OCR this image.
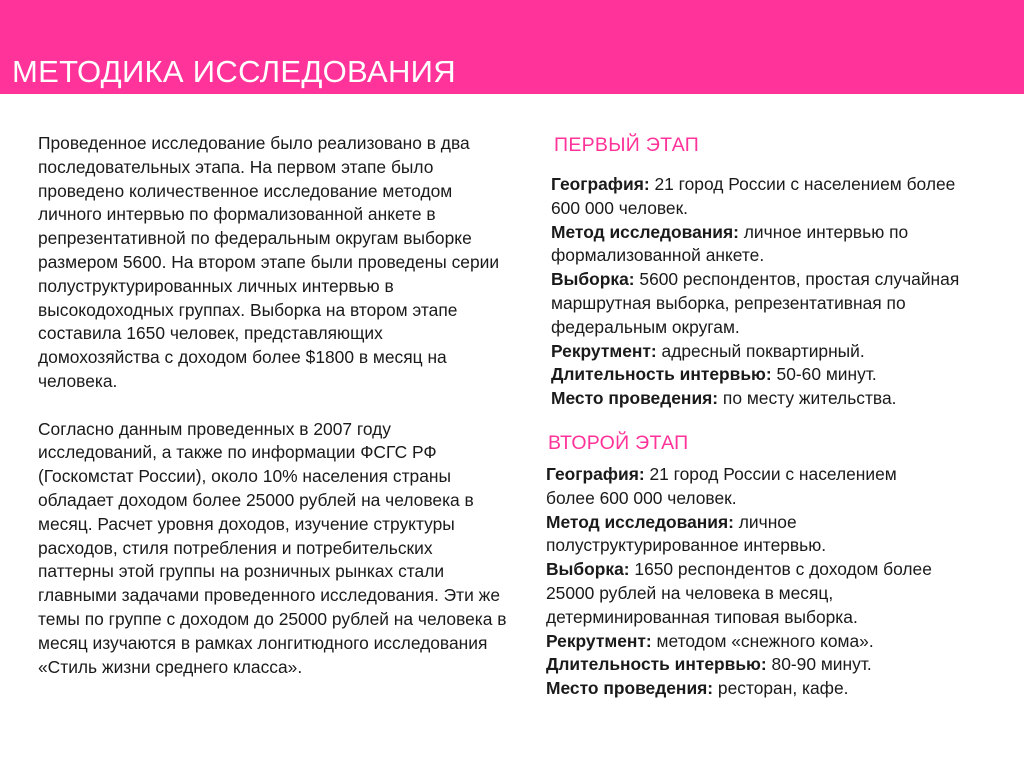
МЕТОДИКА ИССЛЕДОВАНИЯ

Проведенное исследование было реализовано в два последовательных этапа. На первом этапе было проведено количественное исследование методом личного интервью по формализованной анкете в репрезентативной по федеральным округам выборке размером 5600. На втором этапе были проведены серии полуструктурированных личных интервью в высокодоходных группах. Выборка на втором этапе составила 1650 человек, представляющих домохозяйства с доходом более $1800 в месяц на человека.

Согласно данным проведенных в 2007 году исследований, а также по информации ФСГС РФ (Госкомстат России), около 10% населения страны обладает доходом более 25000 рублей на человека в месяц. Расчет уровня доходов, изучение структуры расходов, стиля потребления и потребительских паттерны этой группы на розничных рынках стали главными задачами проведенного исследования. Эти же темы по группе с доходом до 25000 рублей на человека в месяц изучаются в рамках лонгитюдного исследования «Стиль жизни среднего класса».

ПЕРВЫЙ ЭТАП
География: 21 город России с населением более 600 000 человек.
Метод исследования: личное интервью по формализованной анкете.
Выборка: 5600 респондентов, простая случайная маршрутная выборка, репрезентативная по федеральным округам.
Рекрутмент: адресный поквартирный.
Длительность интервью: 50-60 минут.
Место проведения: по месту жительства.
ВТОРОЙ ЭТАП
География: 21 город России с населением более 600 000 человек.
Метод исследования: личное полуструктурированное интервью.
Выборка: 1650 респондентов с доходом более 25000 рублей на человека в месяц, детерминированная типовая выборка.
Рекрутмент: методом «снежного кома».
Длительность интервью: 80-90 минут.
Место проведения: ресторан, кафе.
